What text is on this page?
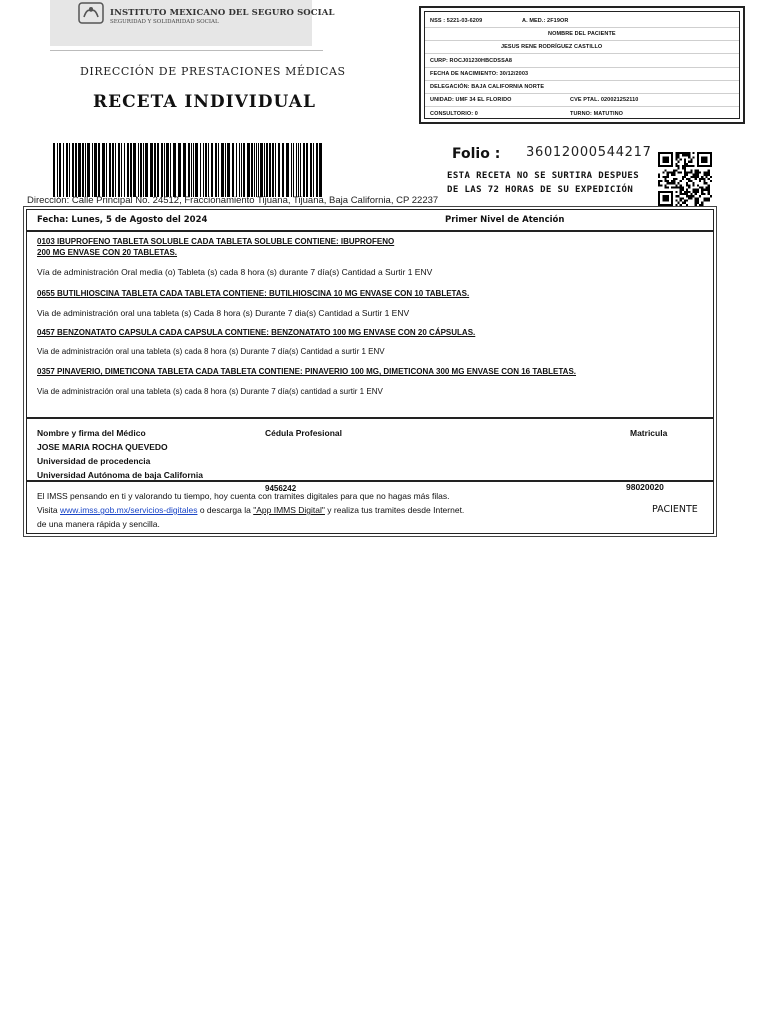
INSTITUTO MEXICANO DEL SEGURO SOCIAL
SEGURIDAD Y SOLIDARIDAD SOCIAL
DIRECCIÓN DE PRESTACIONES MÉDICAS
RECETA INDIVIDUAL
NSS : 5221-03-6209	A. MED.: 2F19OR
NOMBRE DEL PACIENTE
JESUS RENE RODRÍGUEZ CASTILLO
CURP: ROCJ01230HBCDSSA8
FECHA DE NACIMIENTO: 30/12/2003
DELEGACIÓN: BAJA CALIFORNIA NORTE
UNIDAD: UMF 34 EL FLORIDO	CVE PTAL. 020021252110
CONSULTORIO: 0	TURNO: MATUTINO
Folio : 36012000544217
ESTA RECETA NO SE SURTIRA DESPUES
DE LAS 72 HORAS DE SU EXPEDICIÓN
Dirección: Calle Principal No. 24512, Fraccionamiento Tijuana, Tijuana, Baja California, CP 22237
Fecha: Lunes, 5 de Agosto del 2024	Primer Nivel de Atención
0103 IBUPROFENO TABLETA SOLUBLE CADA TABLETA SOLUBLE CONTIENE: IBUPROFENO
200 MG ENVASE CON 20 TABLETAS.
Vía de administración Oral media (o) Tableta (s) cada 8 hora (s) durante 7 día(s) Cantidad a Surtir 1 ENV
0655 BUTILHIOSCINA TABLETA CADA TABLETA CONTIENE: BUTILHIOSCINA 10 MG ENVASE CON 10 TABLETAS.
Via de administración oral una tableta (s) Cada 8 hora (s) Durante 7 dia(s) Cantidad a Surtir 1 ENV
0457 BENZONATATO CAPSULA CADA CAPSULA CONTIENE: BENZONATATO 100 MG ENVASE CON 20 CÁPSULAS.
Via de administración oral una tableta (s) cada 8 hora (s) Durante 7 día(s) Cantidad a surtir 1 ENV
0357 PINAVERIO, DIMETICONA TABLETA CADA TABLETA CONTIENE: PINAVERIO 100 MG, DIMETICONA 300 MG ENVASE CON 16 TABLETAS.
Via de administración oral una tableta (s) cada 8 hora (s) Durante 7 día(s) cantidad a surtir 1 ENV
Nombre y firma del Médico
JOSE MARIA ROCHA QUEVEDO
Universidad de procedencia
Universidad Autónoma de baja California
Cédula Profesional
9456242
Matricula
98020020
El IMSS pensando en ti y valorando tu tiempo, hoy cuenta con tramites digitales para que no hagas más filas.
Visita www.imss.gob.mx/servicios-digitales o descarga la "App IMMS Digital" y realiza tus tramites desde Internet.
de una manera rápida y sencilla.
PACIENTE
